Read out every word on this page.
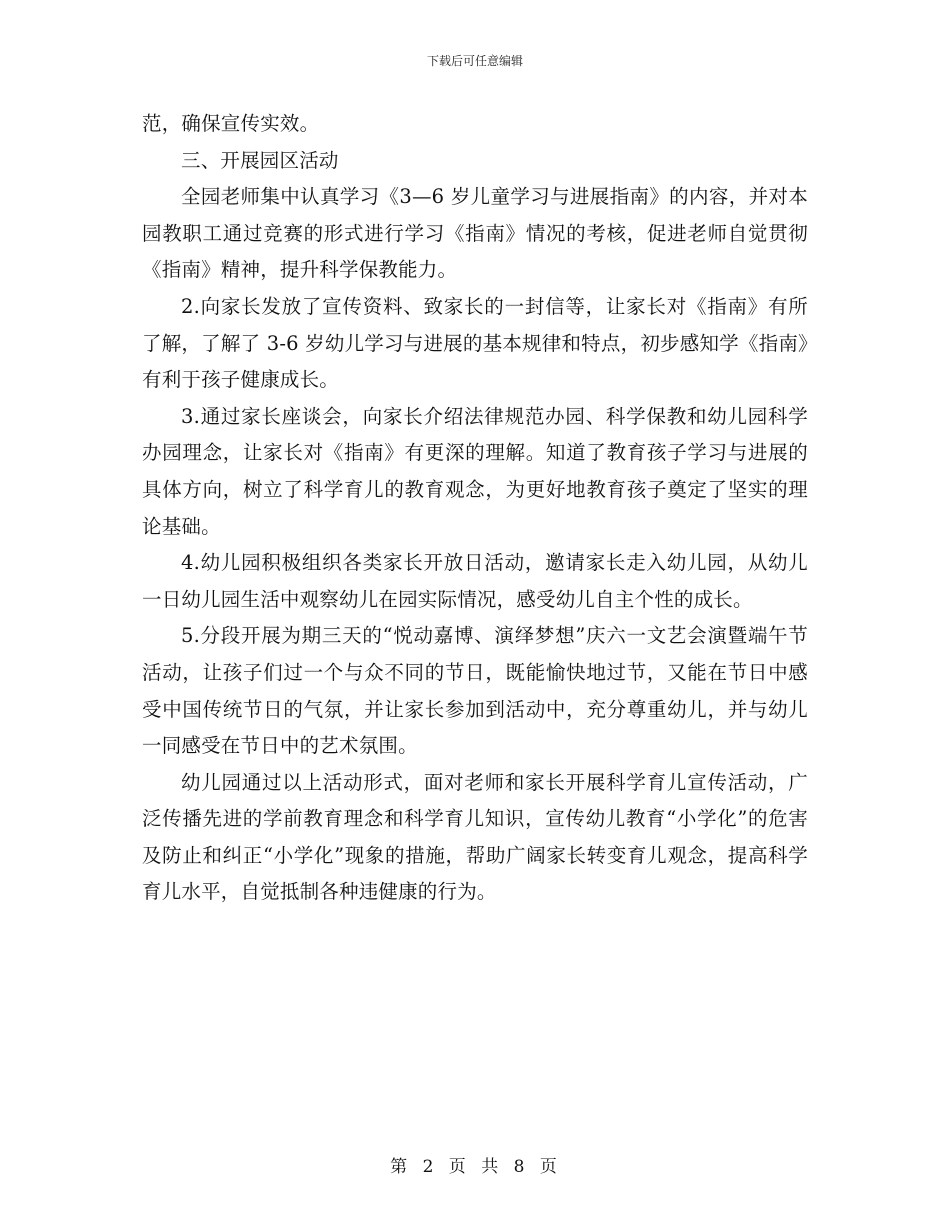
下载后可任意编辑

范，确保宣传实效。

三、开展园区活动

全园老师集中认真学习《3—6 岁儿童学习与进展指南》的内容，并对本园教职工通过竞赛的形式进行学习《指南》情况的考核，促进老师自觉贯彻《指南》精神，提升科学保教能力。

2.向家长发放了宣传资料、致家长的一封信等，让家长对《指南》有所了解，了解了 3-6 岁幼儿学习与进展的基本规律和特点，初步感知学《指南》有利于孩子健康成长。

3.通过家长座谈会，向家长介绍法律规范办园、科学保教和幼儿园科学办园理念，让家长对《指南》有更深的理解。知道了教育孩子学习与进展的具体方向，树立了科学育儿的教育观念，为更好地教育孩子奠定了坚实的理论基础。

4.幼儿园积极组织各类家长开放日活动，邀请家长走入幼儿园，从幼儿一日幼儿园生活中观察幼儿在园实际情况，感受幼儿自主个性的成长。

5.分段开展为期三天的“悦动嘉博、演绎梦想”庆六一文艺会演暨端午节活动，让孩子们过一个与众不同的节日，既能愉快地过节，又能在节日中感受中国传统节日的气氛，并让家长参加到活动中，充分尊重幼儿，并与幼儿一同感受在节日中的艺术氛围。

幼儿园通过以上活动形式，面对老师和家长开展科学育儿宣传活动，广泛传播先进的学前教育理念和科学育儿知识，宣传幼儿教育“小学化”的危害及防止和纠正“小学化”现象的措施，帮助广阔家长转变育儿观念，提高科学育儿水平，自觉抵制各种违健康的行为。

第 2 页 共 8 页
